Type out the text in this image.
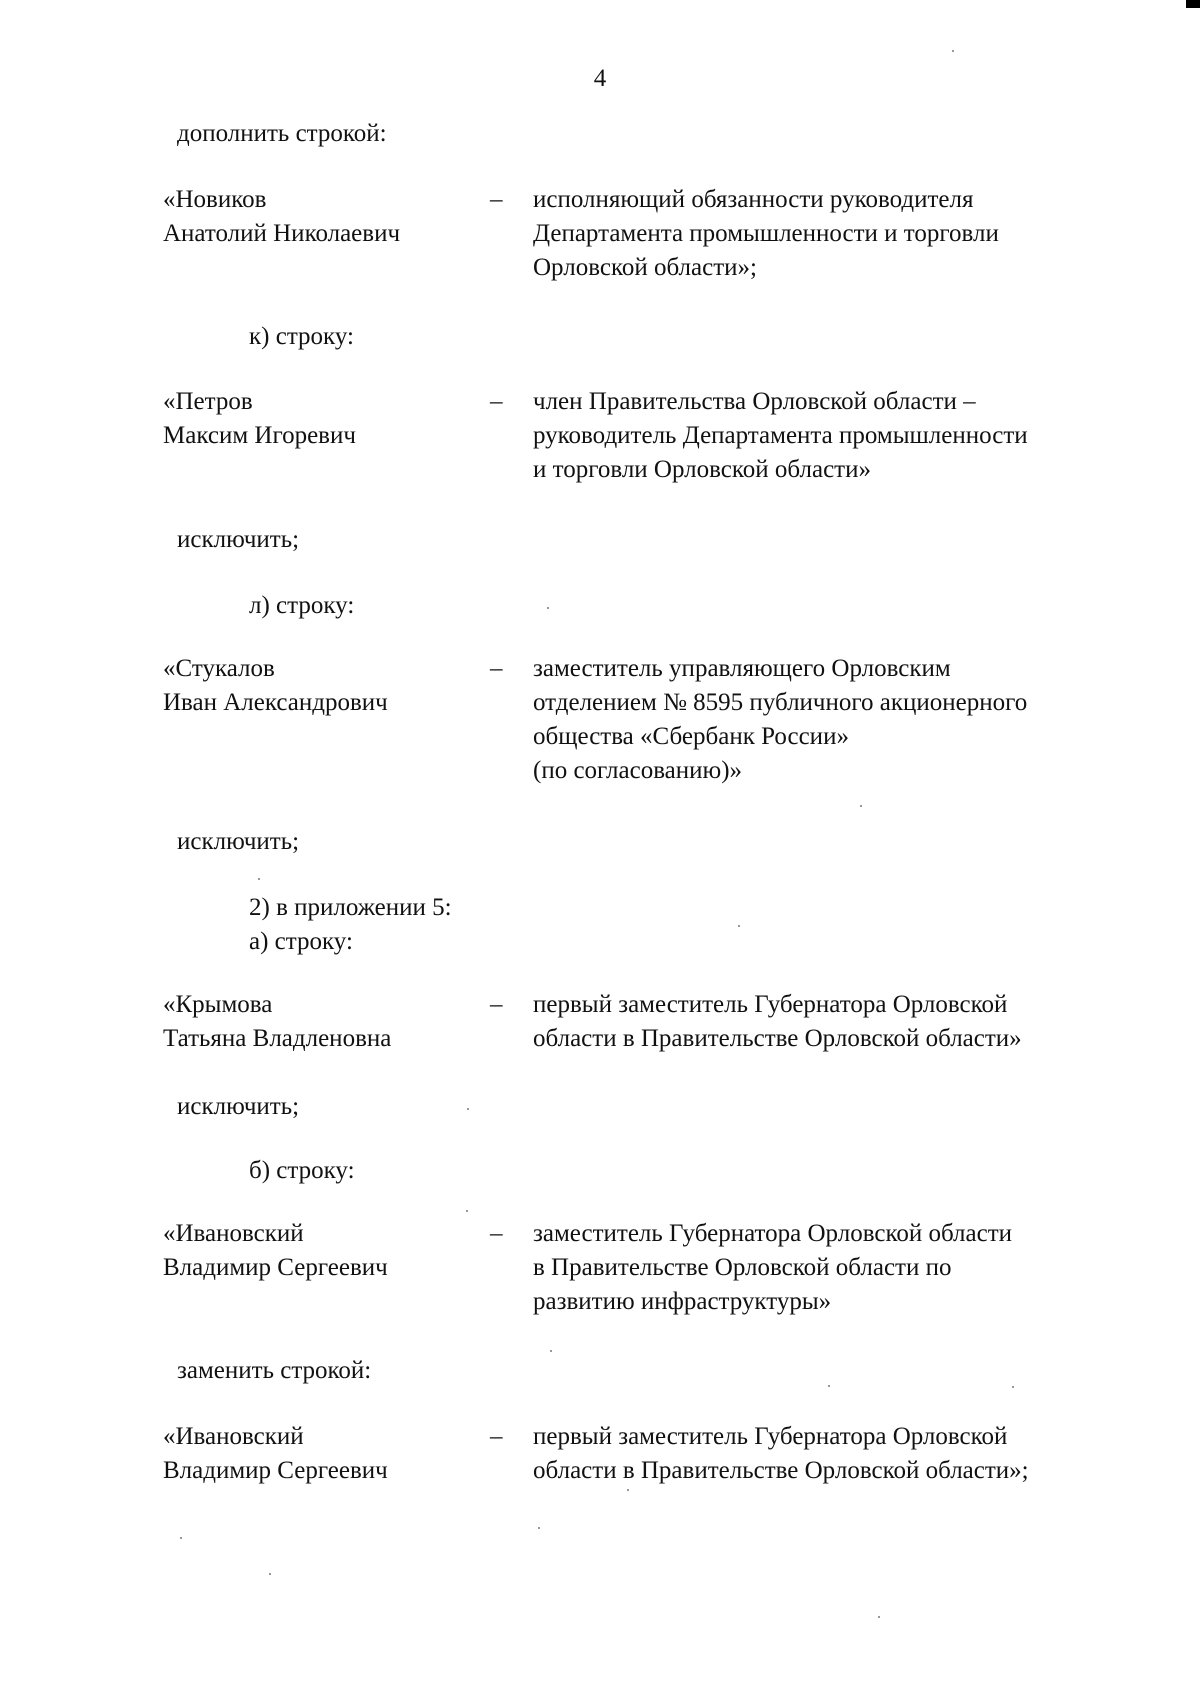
4
дополнить строкой:
«Новиков
Анатолий Николаевич
– исполняющий обязанности руководителя
Департамента промышленности и торговли
Орловской области»;
к) строку:
«Петров
Максим Игоревич
– член Правительства Орловской области –
руководитель Департамента промышленности
и торговли Орловской области»
исключить;
л) строку:
«Стукалов
Иван Александрович
– заместитель управляющего Орловским
отделением № 8595 публичного акционерного
общества «Сбербанк России»
(по согласованию)»
исключить;
2) в приложении 5:
а) строку:
«Крымова
Татьяна Владленовна
– первый заместитель Губернатора Орловской
области в Правительстве Орловской области»
исключить;
б) строку:
«Ивановский
Владимир Сергеевич
– заместитель Губернатора Орловской области
в Правительстве Орловской области по
развитию инфраструктуры»
заменить строкой:
«Ивановский
Владимир Сергеевич
– первый заместитель Губернатора Орловской
области в Правительстве Орловской области»;
